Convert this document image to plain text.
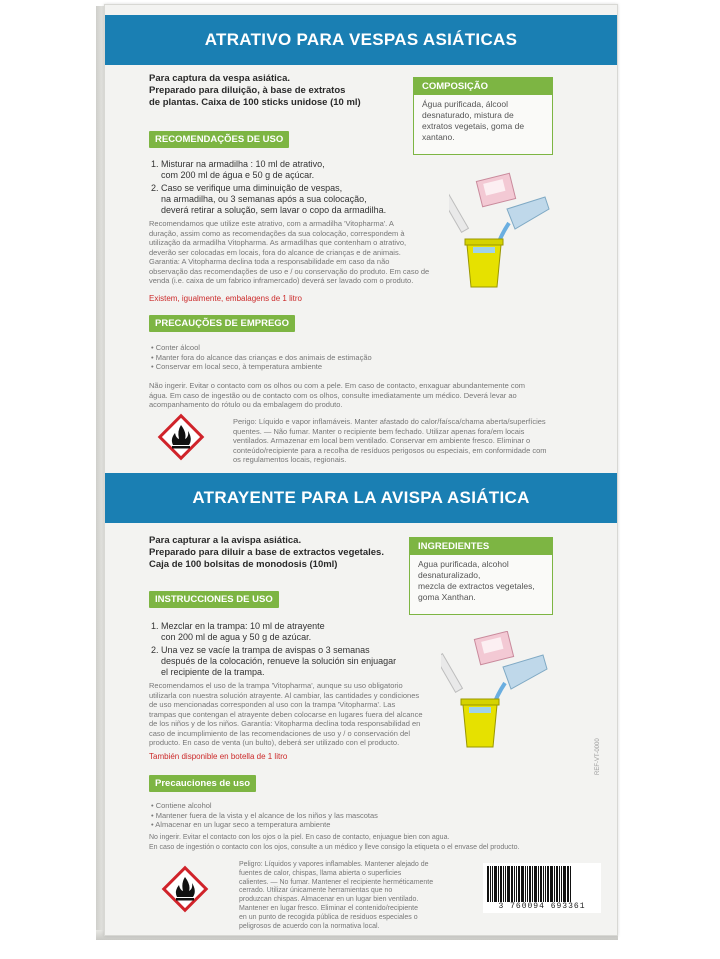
ATRATIVO PARA VESPAS ASIÁTICAS
Para captura da vespa asiática.
Preparado para diluição, à base de extratos
de plantas. Caixa de 100 sticks unidose (10 ml)
COMPOSIÇÃO
Água purificada, álcool
desnaturado, mistura de
extratos vegetais, goma de
xantano.
RECOMENDAÇÕES DE USO
1. Misturar na armadilha : 10 ml de atrativo,
com 200 ml de água e 50 g de açúcar.
2. Caso se verifique uma diminuição de vespas,
na armadilha, ou 3 semanas após a sua colocação,
deverá retirar a solução, sem lavar o copo da armadilha.
Recomendamos que utilize este atrativo, com a armadilha 'Vitopharma'. A
duração, assim como as recomendações da sua colocação, correspondem à
utilização da armadilha Vitopharma. As armadilhas que contenham o atrativo,
deverão ser colocadas em locais, fora do alcance de crianças e de animais.
Garantia: A Vitopharma declina toda a responsabilidade em caso da não
observação das recomendações de uso e / ou conservação do produto. Em caso de
venda (i.e. caixa de um fabrico inframercado) deverá ser lavado com o produto.
Existem, igualmente, embalagens de 1 litro
PRECAUÇÕES DE EMPREGO
• Conter álcool
• Manter fora do alcance das crianças e dos animais de estimação
• Conservar em local seco, à temperatura ambiente
Não ingerir. Evitar o contacto com os olhos ou com a pele. Em caso de contacto, enxaguar abundantemente com
água. Em caso de ingestão ou de contacto com os olhos, consulte imediatamente um médico. Deverá levar ao
acompanhamento do rótulo ou da embalagem do produto.
Perigo: Líquido e vapor inflamáveis. Manter afastado do calor/faísca/chama aberta/superfícies
quentes. — Não fumar. Manter o recipiente bem fechado. Utilizar apenas fora/em locais
ventilados. Armazenar em local bem ventilado. Conservar em ambiente fresco. Eliminar o
conteúdo/recipiente para a recolha de resíduos perigosos ou especiais, em conformidade com
os regulamentos locais, regionais.
ATRAYENTE PARA LA AVISPA ASIÁTICA
Para capturar a la avispa asiática.
Preparado para diluir a base de extractos vegetales.
Caja de 100 bolsitas de monodosis (10ml)
INGREDIENTES
Agua purificada, alcohol
desnaturalizado,
mezcla de extractos vegetales,
goma Xanthan.
INSTRUCCIONES DE USO
1. Mezclar en la trampa: 10 ml de atrayente
con 200 ml de agua y 50 g de azúcar.
2. Una vez se vacíe la trampa de avispas o 3 semanas
después de la colocación, renueve la solución sin enjuagar
el recipiente de la trampa.
Recomendamos el uso de la trampa 'Vitopharma', aunque su uso obligatorio
utilizarla con nuestra solución atrayente. Al cambiar, las cantidades y condiciones
de uso mencionadas corresponden al uso con la trampa 'Vitopharma'. Las
trampas que contengan el atrayente deben colocarse en lugares fuera del alcance
de los niños y de los niños. Garantía: Vitopharma declina toda responsabilidad en
caso de incumplimiento de las recomendaciones de uso y / o conservación del
producto. En caso de venta (un bulto), deberá ser utilizado con el producto.
También disponible en botella de 1 litro
Precauciones de uso
• Contiene alcohol
• Mantener fuera de la vista y el alcance de los niños y las mascotas
• Almacenar en un lugar seco a temperatura ambiente
No ingerir. Evitar el contacto con los ojos o la piel. En caso de contacto, enjuague bien con agua.
En caso de ingestión o contacto con los ojos, consulte a un médico y lleve consigo la etiqueta o el envase del producto.
Peligro: Líquidos y vapores inflamables. Mantener alejado de
fuentes de calor, chispas, llama abierta o superficies
calientes. — No fumar. Mantener el recipiente herméticamente
cerrado. Utilizar únicamente herramientas que no
produzcan chispas. Almacenar en un lugar bien ventilado.
Mantener en lugar fresco. Eliminar el contenido/recipiente
en un punto de recogida pública de residuos especiales o
peligrosos de acuerdo con la normativa local.
REF-VT-0000
3 760094 693361
